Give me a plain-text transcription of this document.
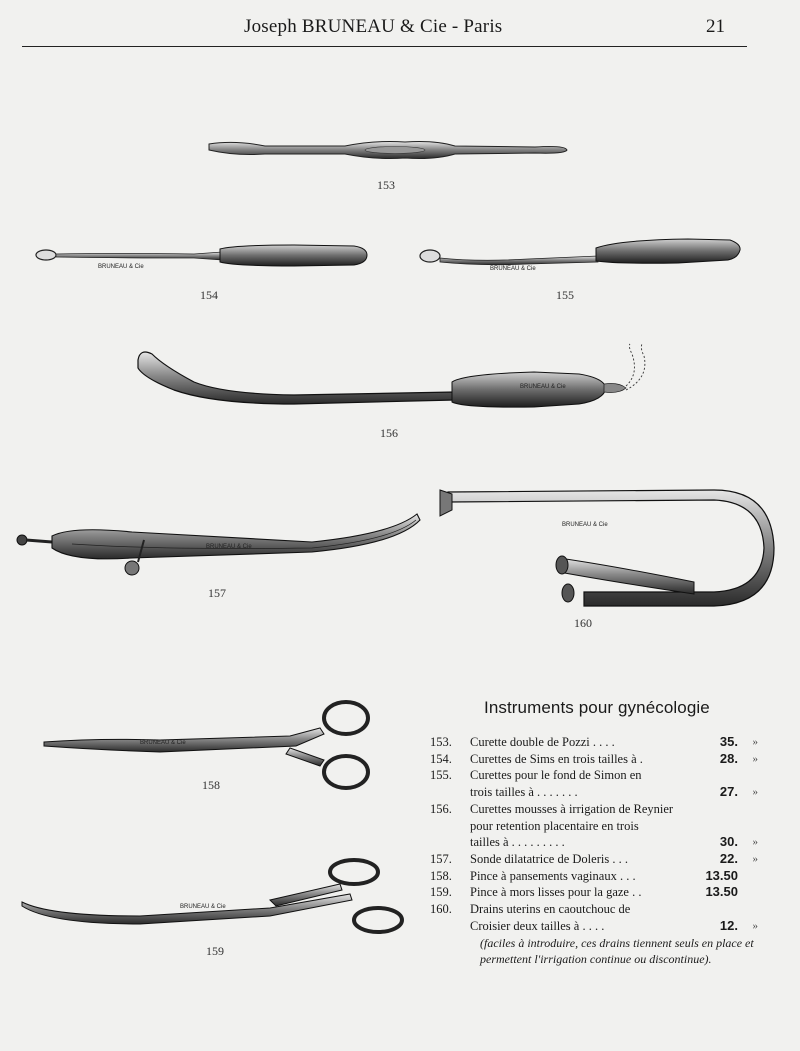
Joseph BRUNEAU & Cie - Paris	21
153
BRUNEAU & Cie
154
BRUNEAU & Cie
155
BRUNEAU & Cie
156
BRUNEAU & Cie
157
BRUNEAU & Cie
160
BRUNEAU & Cie
158
BRUNEAU & Cie
159
Instruments pour gynécologie
153.	Curette double de Pozzi . . . .	35. »
154.	Curettes de Sims en trois tailles à .	28. »
155.	Curettes pour le fond de Simon en
trois tailles à . . . . . . .	27. »
156.	Curettes mousses à irrigation de Reynier
pour retention placentaire en trois
tailles à . . . . . . . . .	30. »
157.	Sonde dilatatrice de Doleris . . .	22. »
158.	Pince à pansements vaginaux . . .	13.50
159.	Pince à mors lisses pour la gaze . .	13.50
160.	Drains uterins en caoutchouc de
Croisier deux tailles à . . . .	12. »
(faciles à introduire, ces drains tiennent seuls en place et permettent l'irrigation continue ou discontinue).
